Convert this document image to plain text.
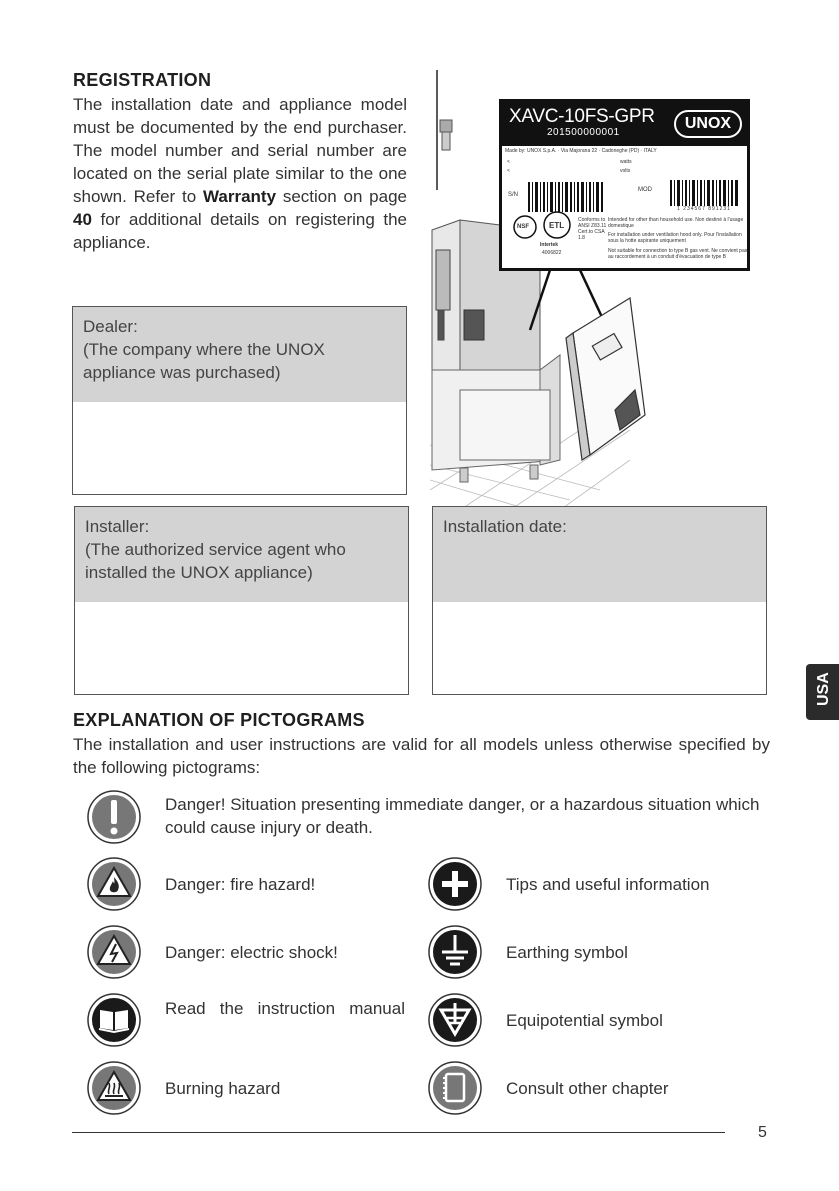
REGISTRATION
The installation date and appliance model must be documented by the end purchaser. The model number and serial number are located on the serial plate similar to the one shown. Refer to Warranty section on page 40 for additional details on registering the appliance.
XAVC-10FS-GPR
201500000001
UNOX
Made by: UNOX S.p.A. · Via Majorana 22 · Cadoneghe (PD) · ITALY
<
<
watts
volts
S/N
MOD
1 234567 891231
NSF	ETL
Intertek
4006822
Conforms to ANSI Z83.11 Cert.to CSA 1.8
Intended for other than household use. Non destiné à l'usage domestique
For installation under ventilation hood only. Pour l'installation sous la hotte aspirante uniquement
Not suitable for connection to type B gas vent. Ne convient pas au raccordement à un conduit d'évacuation de type B
Dealer:
(The company where the UNOX appliance was purchased)
Installer:
(The authorized service agent who installed the UNOX appliance)
Installation date:
USA
EXPLANATION OF PICTOGRAMS
The installation and user instructions are valid for all models unless otherwise specified by the following pictograms:
Danger! Situation presenting immediate danger, or a hazardous situation which could cause injury or death.
Danger: fire hazard!
Danger: electric shock!
Read the instruction manual
Burning hazard
Tips and useful information
Earthing symbol
Equipotential symbol
Consult other chapter
5
